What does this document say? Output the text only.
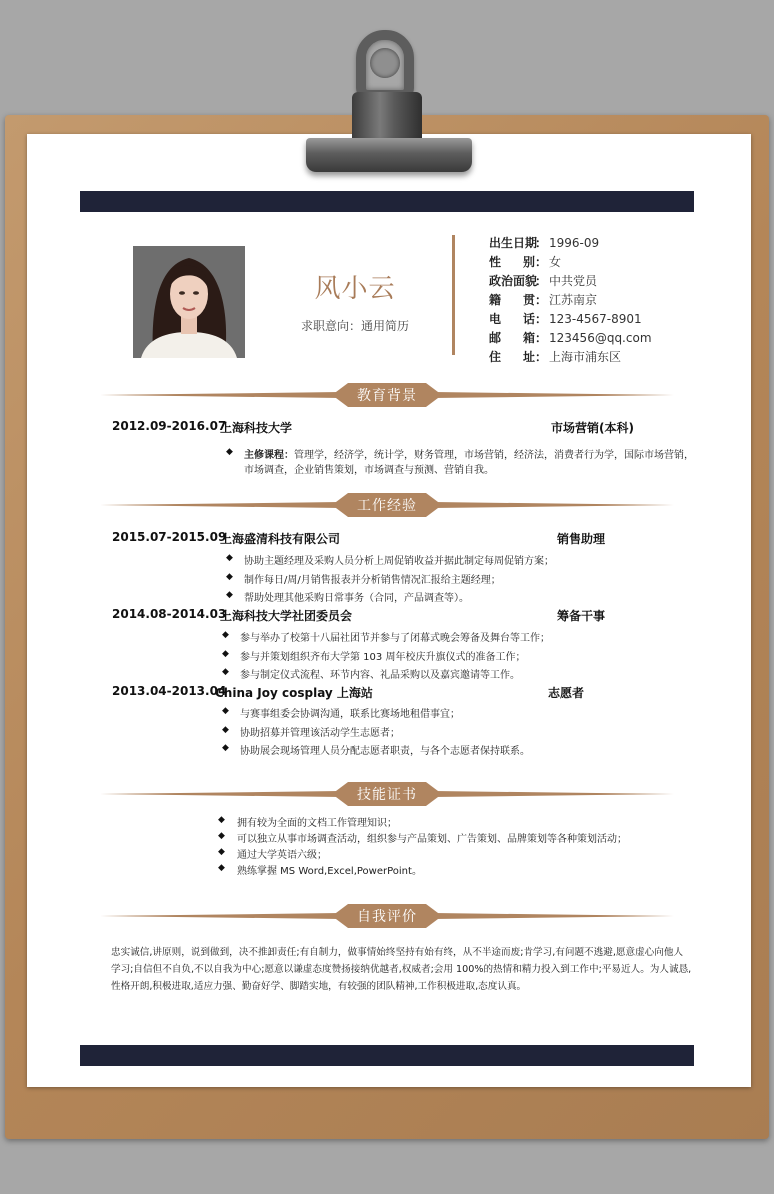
风小云
求职意向：通用简历
出生日期： 1996-09
性别： 女
政治面貌： 中共党员
籍贯： 江苏南京
电话： 123-4567-8901
邮箱： 123456@qq.com
住址： 上海市浦东区
教育背景
2012.09-2016.07
上海科技大学	市场营销(本科)
◆ 主修课程：管理学，经济学，统计学，财务管理，市场营销，经济法，消费者行为学，国际市场营销，
市场调查，企业销售策划，市场调查与预测、营销自我。
工作经验
2015.07-2015.09
上海盛清科技有限公司	销售助理
◆ 协助主题经理及采购人员分析上周促销收益并据此制定每周促销方案；
◆ 制作每日/周/月销售报表并分析销售情况汇报给主题经理；
◆ 帮助处理其他采购日常事务（合同，产品调查等）。
2014.08-2014.03
上海科技大学社团委员会	筹备干事
◆ 参与举办了校第十八届社团节并参与了闭幕式晚会筹备及舞台等工作；
◆ 参与并策划组织齐布大学第 103 周年校庆升旗仪式的准备工作；
◆ 参与制定仪式流程、环节内容、礼品采购以及嘉宾邀请等工作。
2013.04-2013.04
China Joy cosplay 上海站	志愿者
◆ 与赛事组委会协调沟通，联系比赛场地租借事宜；
◆ 协助招募并管理该活动学生志愿者；
◆ 协助展会现场管理人员分配志愿者职责，与各个志愿者保持联系。
技能证书
◆ 拥有较为全面的文档工作管理知识；
◆ 可以独立从事市场调查活动，组织参与产品策划、广告策划、品牌策划等各种策划活动；
◆ 通过大学英语六级；
◆ 熟练掌握 MS Word,Excel,PowerPoint。
自我评价
忠实诚信,讲原则，说到做到，决不推卸责任;有自制力，做事情始终坚持有始有终，从不半途而废;肯学习,有问题不逃避,愿意虚心向他人
学习;自信但不自负,不以自我为中心;愿意以谦虚态度赞扬接纳优越者,权威者;会用 100%的热情和精力投入到工作中;平易近人。为人诚恳,
性格开朗,积极进取,适应力强、勤奋好学、脚踏实地，有较强的团队精神,工作积极进取,态度认真。
